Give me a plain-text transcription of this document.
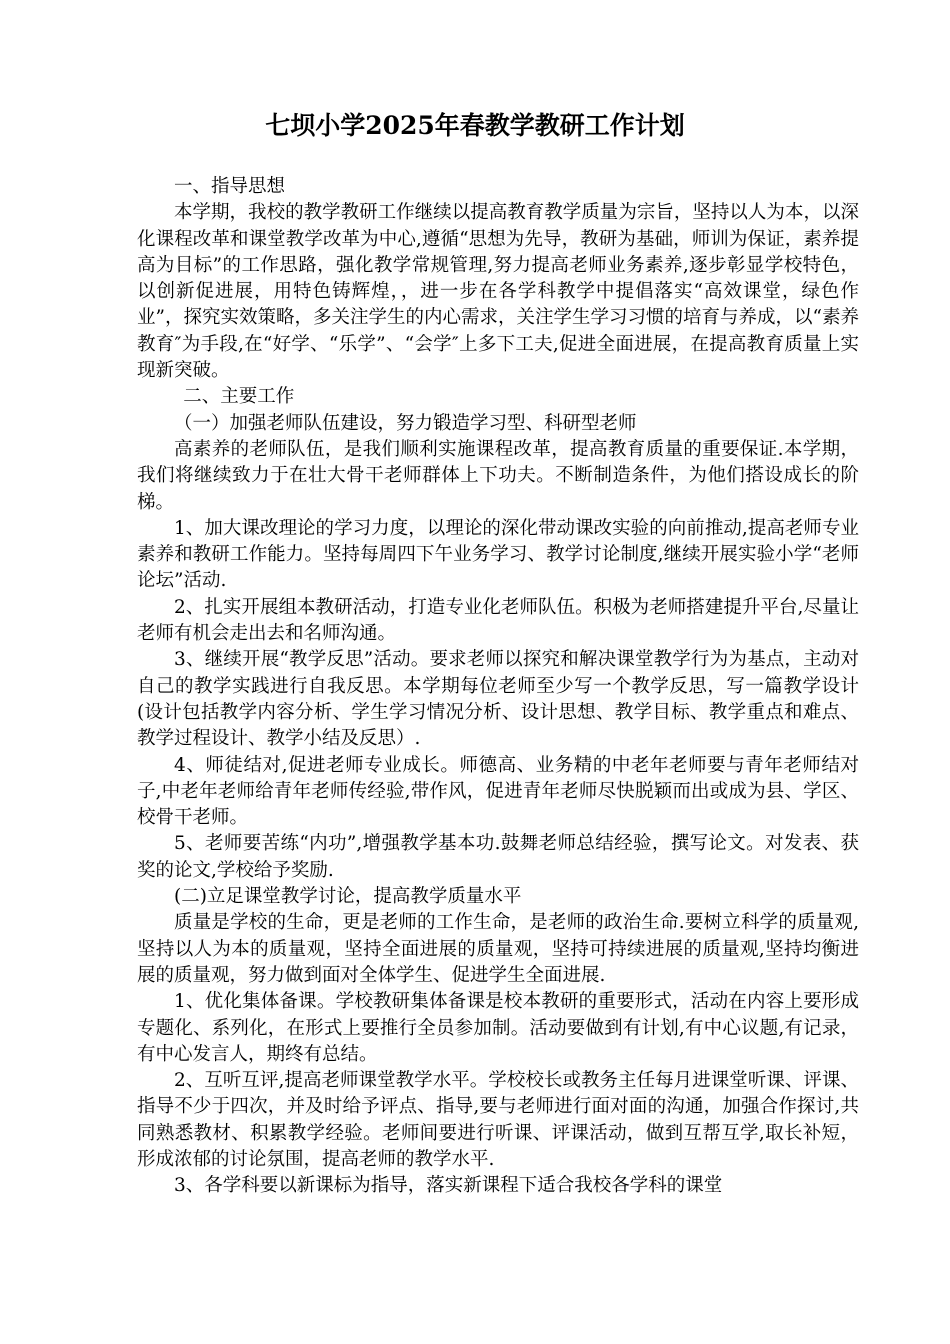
七坝小学2025年春教学教研工作计划

一、指导思想

本学期，我校的教学教研工作继续以提高教育教学质量为宗旨，坚持以人为本，以深化课程改革和课堂教学改革为中心,遵循“思想为先导，教研为基础，师训为保证，素养提高为目标”的工作思路，强化教学常规管理,努力提高老师业务素养,逐步彰显学校特色，以创新促进展，用特色铸辉煌，，进一步在各学科教学中提倡落实“高效课堂，绿色作业”，探究实效策略，多关注学生的内心需求，关注学生学习习惯的培育与养成，以“素养教育″为手段,在“好学、“乐学”、“会学″上多下工夫,促进全面进展，在提高教育质量上实现新突破。

二、主要工作

（一）加强老师队伍建设，努力锻造学习型、科研型老师

高素养的老师队伍，是我们顺利实施课程改革，提高教育质量的重要保证.本学期，我们将继续致力于在壮大骨干老师群体上下功夫。不断制造条件，为他们搭设成长的阶梯。

1、加大课改理论的学习力度，以理论的深化带动课改实验的向前推动,提高老师专业素养和教研工作能力。坚持每周四下午业务学习、教学讨论制度,继续开展实验小学“老师论坛”活动.

2、扎实开展组本教研活动，打造专业化老师队伍。积极为老师搭建提升平台,尽量让老师有机会走出去和名师沟通。

3、继续开展“教学反思”活动。要求老师以探究和解决课堂教学行为为基点，主动对自己的教学实践进行自我反思。本学期每位老师至少写一个教学反思，写一篇教学设计(设计包括教学内容分析、学生学习情况分析、设计思想、教学目标、教学重点和难点、教学过程设计、教学小结及反思）.

4、师徒结对,促进老师专业成长。师德高、业务精的中老年老师要与青年老师结对子,中老年老师给青年老师传经验,带作风，促进青年老师尽快脱颖而出或成为县、学区、校骨干老师。

5、老师要苦练“内功”,增强教学基本功.鼓舞老师总结经验，撰写论文。对发表、获奖的论文,学校给予奖励.

(二)立足课堂教学讨论，提高教学质量水平

质量是学校的生命，更是老师的工作生命，是老师的政治生命.要树立科学的质量观,坚持以人为本的质量观，坚持全面进展的质量观，坚持可持续进展的质量观,坚持均衡进展的质量观，努力做到面对全体学生、促进学生全面进展.

1、优化集体备课。学校教研集体备课是校本教研的重要形式，活动在内容上要形成专题化、系列化，在形式上要推行全员参加制。活动要做到有计划,有中心议题,有记录，有中心发言人，期终有总结。

2、互听互评,提高老师课堂教学水平。学校校长或教务主任每月进课堂听课、评课、指导不少于四次，并及时给予评点、指导,要与老师进行面对面的沟通，加强合作探讨,共同熟悉教材、积累教学经验。老师间要进行听课、评课活动，做到互帮互学,取长补短，形成浓郁的讨论氛围，提高老师的教学水平.

3、各学科要以新课标为指导，落实新课程下适合我校各学科的课堂
